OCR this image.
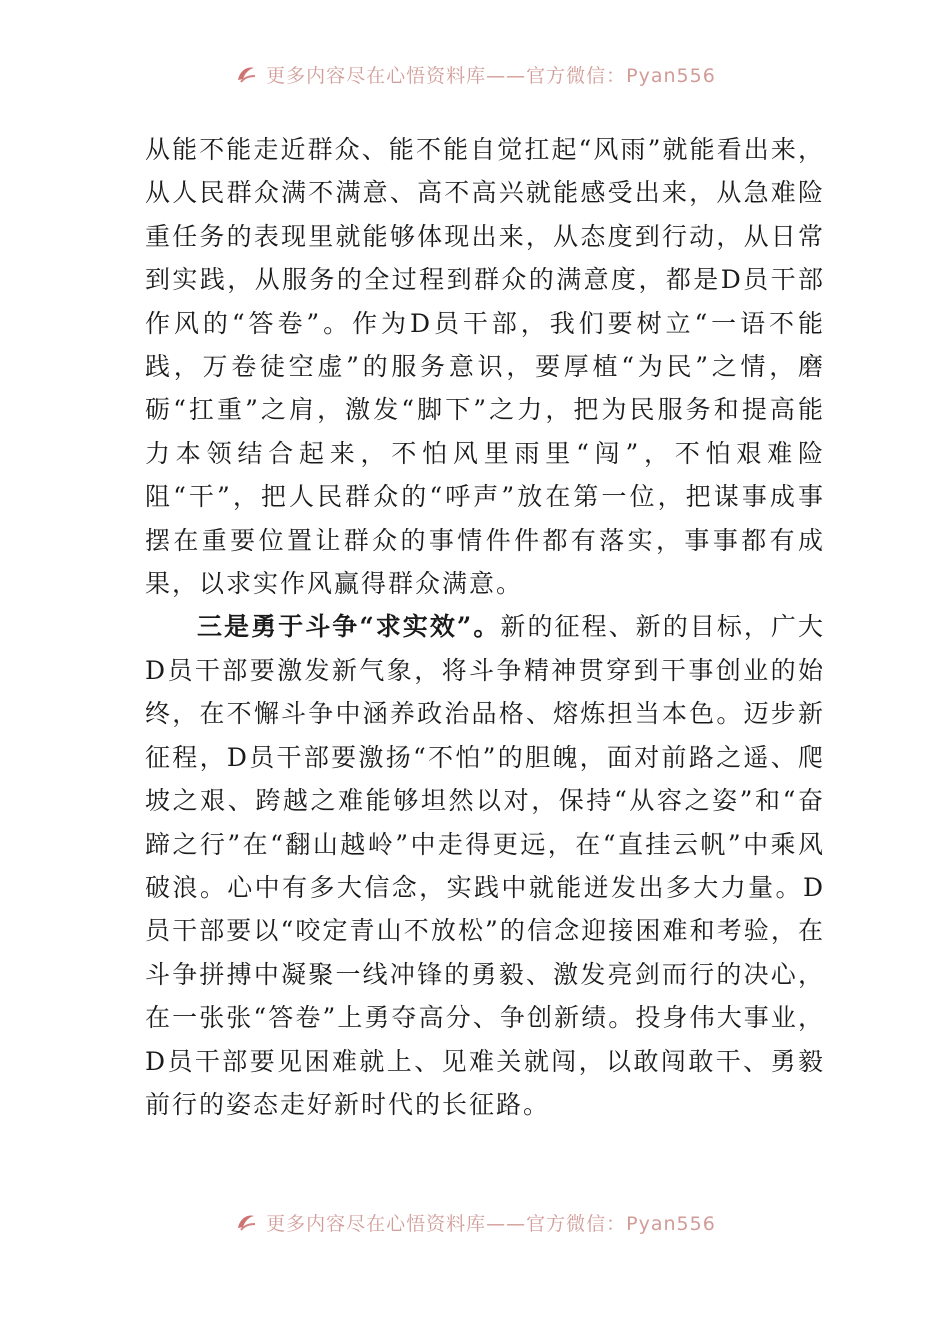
更多内容尽在心悟资料库——官方微信：Pyan556

从能不能走近群众、能不能自觉扛起“风雨”就能看出来，从人民群众满不满意、高不高兴就能感受出来，从急难险重任务的表现里就能够体现出来，从态度到行动，从日常到实践，从服务的全过程到群众的满意度，都是D员干部作风的“答卷”。作为D员干部，我们要树立“一语不能践，万卷徒空虚”的服务意识，要厚植“为民”之情，磨砺“扛重”之肩，激发“脚下”之力，把为民服务和提高能力本领结合起来，不怕风里雨里“闯”，不怕艰难险阻“干”，把人民群众的“呼声”放在第一位，把谋事成事摆在重要位置让群众的事情件件都有落实，事事都有成果，以求实作风赢得群众满意。

三是勇于斗争“求实效”。新的征程、新的目标，广大D员干部要激发新气象，将斗争精神贯穿到干事创业的始终，在不懈斗争中涵养政治品格、熔炼担当本色。迈步新征程，D员干部要激扬“不怕”的胆魄，面对前路之遥、爬坡之艰、跨越之难能够坦然以对，保持“从容之姿”和“奋蹄之行”在“翻山越岭”中走得更远，在“直挂云帆”中乘风破浪。心中有多大信念，实践中就能迸发出多大力量。D员干部要以“咬定青山不放松”的信念迎接困难和考验，在斗争拼搏中凝聚一线冲锋的勇毅、激发亮剑而行的决心，在一张张“答卷”上勇夺高分、争创新绩。投身伟大事业，D员干部要见困难就上、见难关就闯，以敢闯敢干、勇毅前行的姿态走好新时代的长征路。

更多内容尽在心悟资料库——官方微信：Pyan556
